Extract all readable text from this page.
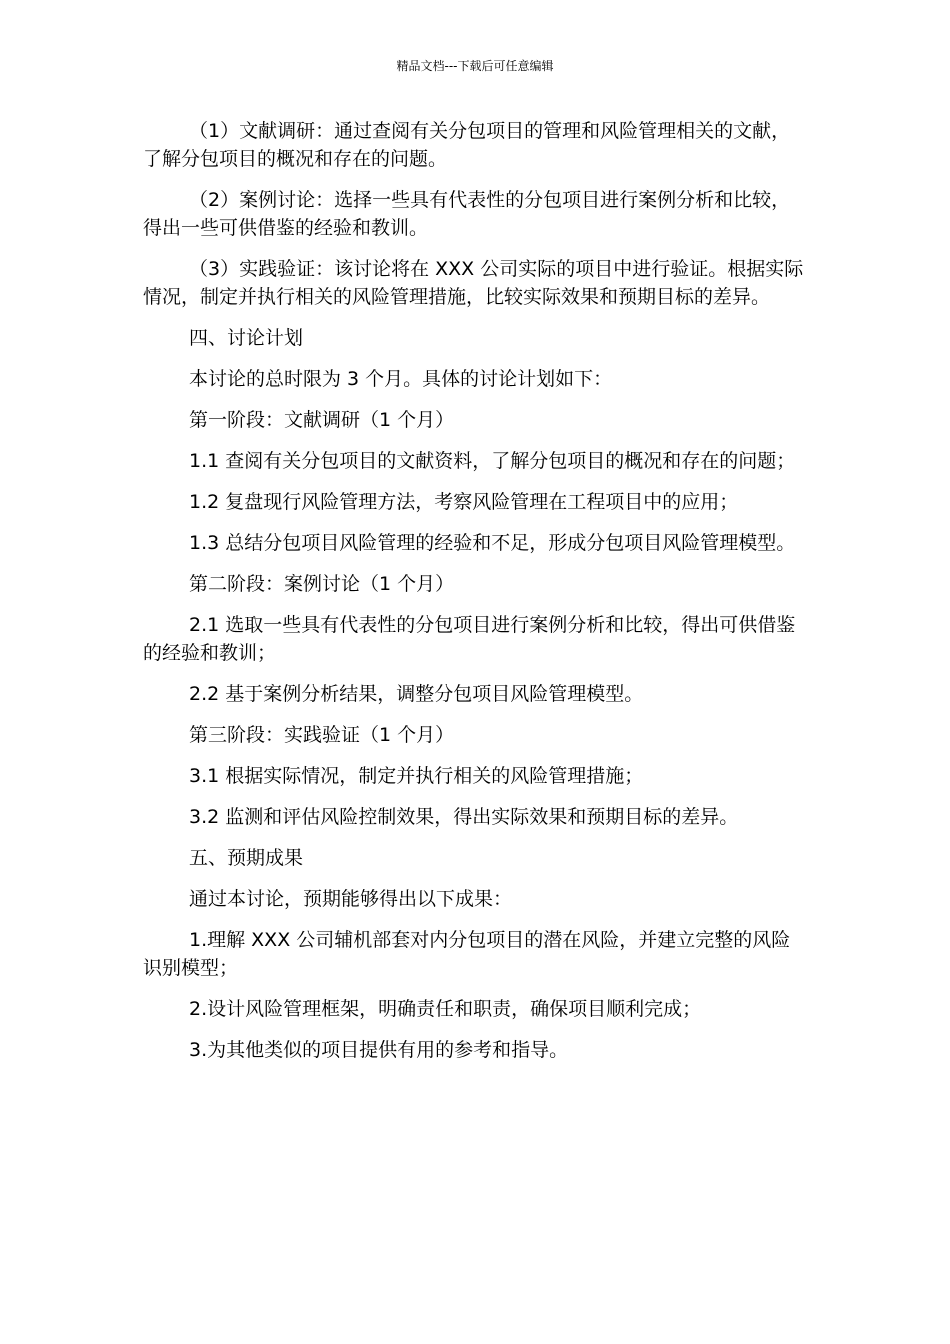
精品文档---下载后可任意编辑

（1）文献调研：通过查阅有关分包项目的管理和风险管理相关的文献，了解分包项目的概况和存在的问题。

（2）案例讨论：选择一些具有代表性的分包项目进行案例分析和比较，得出一些可供借鉴的经验和教训。

（3）实践验证：该讨论将在 XXX 公司实际的项目中进行验证。根据实际情况，制定并执行相关的风险管理措施，比较实际效果和预期目标的差异。

四、讨论计划

本讨论的总时限为 3 个月。具体的讨论计划如下：

第一阶段：文献调研（1 个月）

1.1 查阅有关分包项目的文献资料，了解分包项目的概况和存在的问题；

1.2 复盘现行风险管理方法，考察风险管理在工程项目中的应用；

1.3 总结分包项目风险管理的经验和不足，形成分包项目风险管理模型。

第二阶段：案例讨论（1 个月）

2.1 选取一些具有代表性的分包项目进行案例分析和比较，得出可供借鉴的经验和教训；

2.2 基于案例分析结果，调整分包项目风险管理模型。

第三阶段：实践验证（1 个月）

3.1 根据实际情况，制定并执行相关的风险管理措施；

3.2 监测和评估风险控制效果，得出实际效果和预期目标的差异。

五、预期成果

通过本讨论，预期能够得出以下成果：

1.理解 XXX 公司辅机部套对内分包项目的潜在风险，并建立完整的风险识别模型；

2.设计风险管理框架，明确责任和职责，确保项目顺利完成；

3.为其他类似的项目提供有用的参考和指导。
